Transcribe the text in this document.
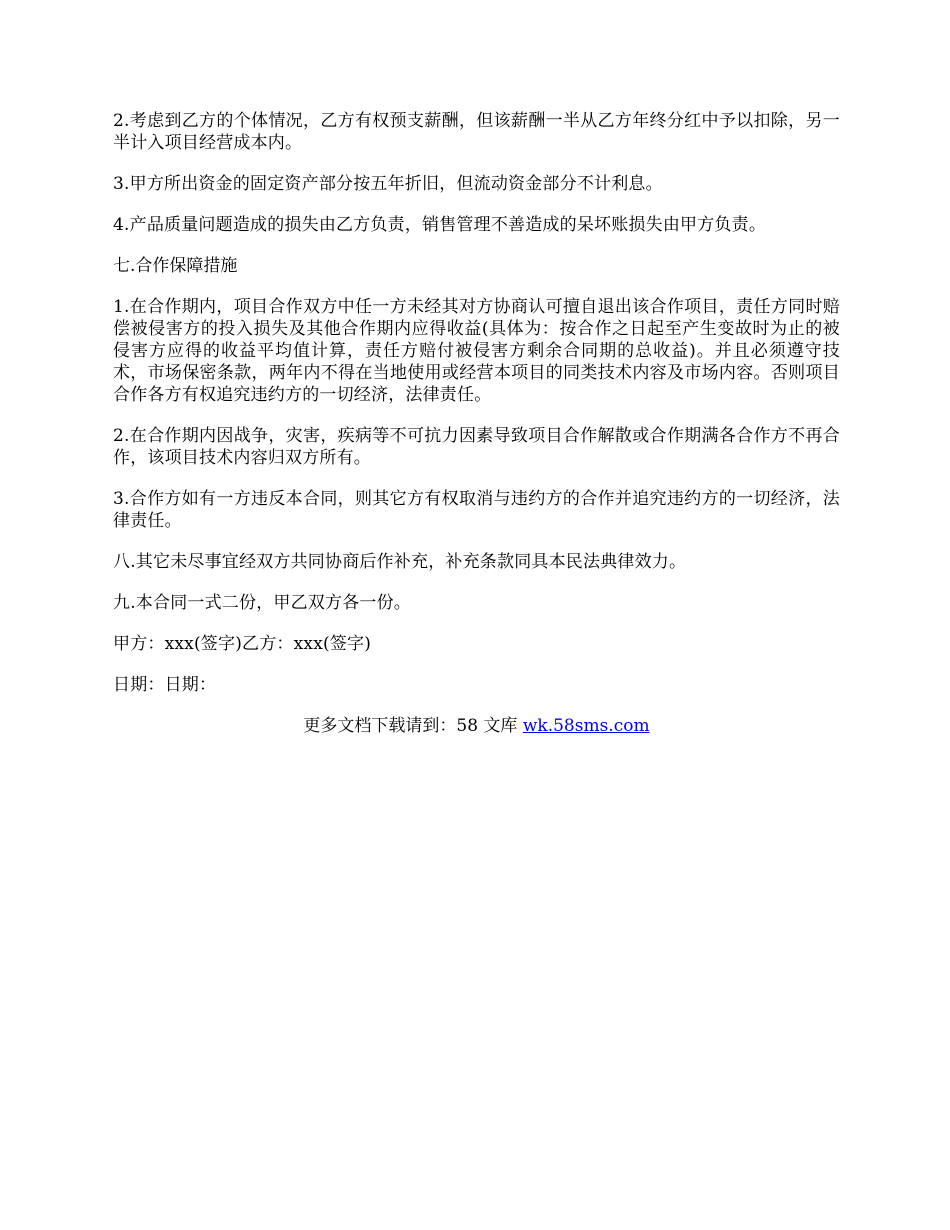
2.考虑到乙方的个体情况，乙方有权预支薪酬，但该薪酬一半从乙方年终分红中予以扣除，另一半计入项目经营成本内。

3.甲方所出资金的固定资产部分按五年折旧，但流动资金部分不计利息。

4.产品质量问题造成的损失由乙方负责，销售管理不善造成的呆坏账损失由甲方负责。

七.合作保障措施

1.在合作期内，项目合作双方中任一方未经其对方协商认可擅自退出该合作项目，责任方同时赔偿被侵害方的投入损失及其他合作期内应得收益(具体为：按合作之日起至产生变故时为止的被侵害方应得的收益平均值计算，责任方赔付被侵害方剩余合同期的总收益)。并且必须遵守技术，市场保密条款，两年内不得在当地使用或经营本项目的同类技术内容及市场内容。否则项目合作各方有权追究违约方的一切经济，法律责任。

2.在合作期内因战争，灾害，疾病等不可抗力因素导致项目合作解散或合作期满各合作方不再合作，该项目技术内容归双方所有。

3.合作方如有一方违反本合同，则其它方有权取消与违约方的合作并追究违约方的一切经济，法律责任。

八.其它未尽事宜经双方共同协商后作补充，补充条款同具本民法典律效力。

九.本合同一式二份，甲乙双方各一份。

甲方：xxx(签字)乙方：xxx(签字)

日期：日期：

更多文档下载请到：58 文库 wk.58sms.com
